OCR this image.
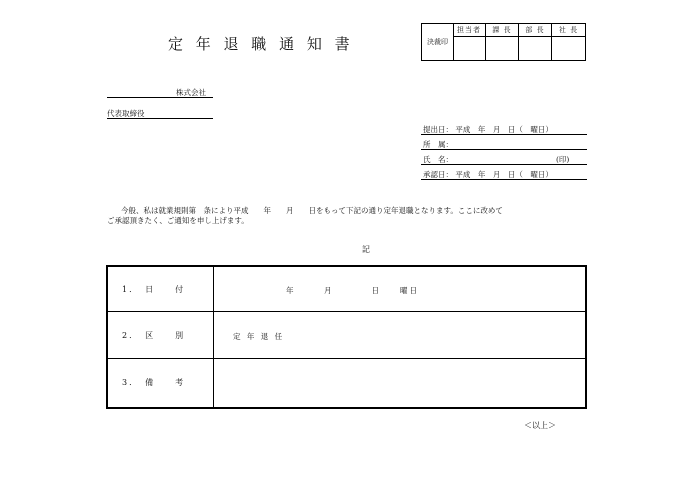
定 年 退 職 通 知 書	決裁印
担当者	課 長	部 長	社 長
株式会社
代表取締役
提出日： 平成　年　月　日（　曜日）
所　属：
氏　名：	(印)
承認日： 平成　年　月　日（　曜日）
今般、私は就業規則第　条により平成　　年　　月　　日をもって下記の通り定年退職となります。ここに改めて
ご承認頂きたく、ご通知を申し上げます。
記
1．　日　　付	年　　　月　　　　日　　曜日
2．　区　　別	定 年 退 任
3．　備　　考
＜以上＞
